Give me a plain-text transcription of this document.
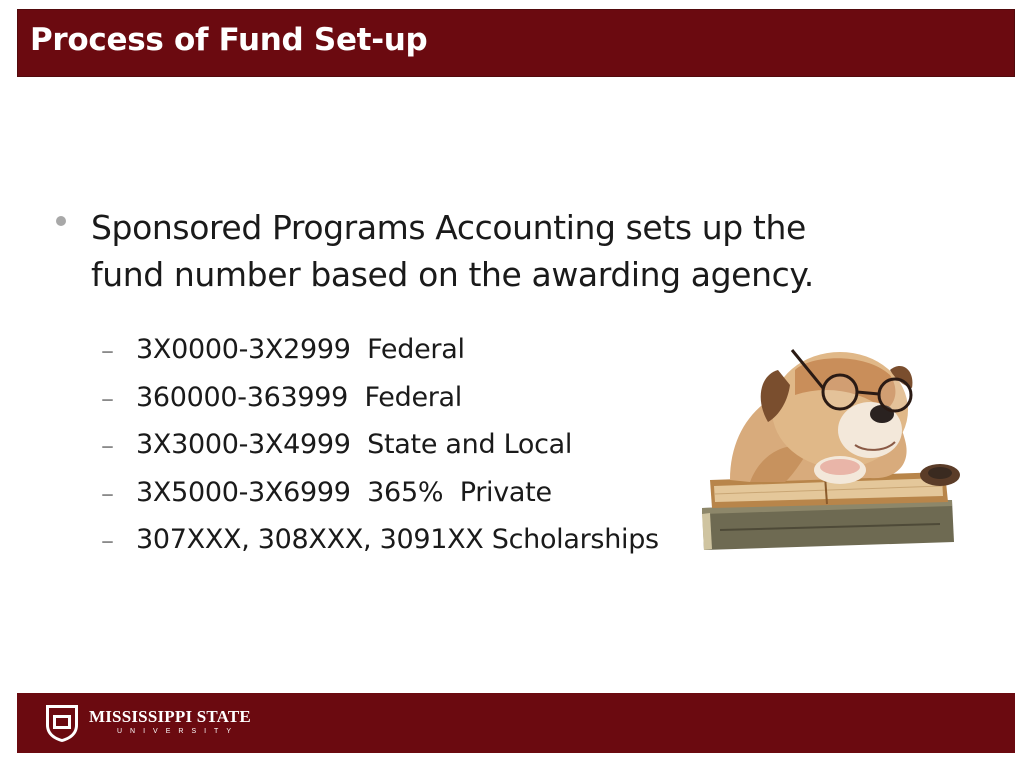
Process of Fund Set-up
Sponsored Programs Accounting sets up the fund number based on the awarding agency.
– 3X0000-3X2999  Federal
– 360000-363999  Federal
– 3X3000-3X4999  State and Local
– 3X5000-3X6999  365%  Private
– 307XXX, 308XXX, 3091XX Scholarships
MISSISSIPPI STATE
UNIVERSITY
